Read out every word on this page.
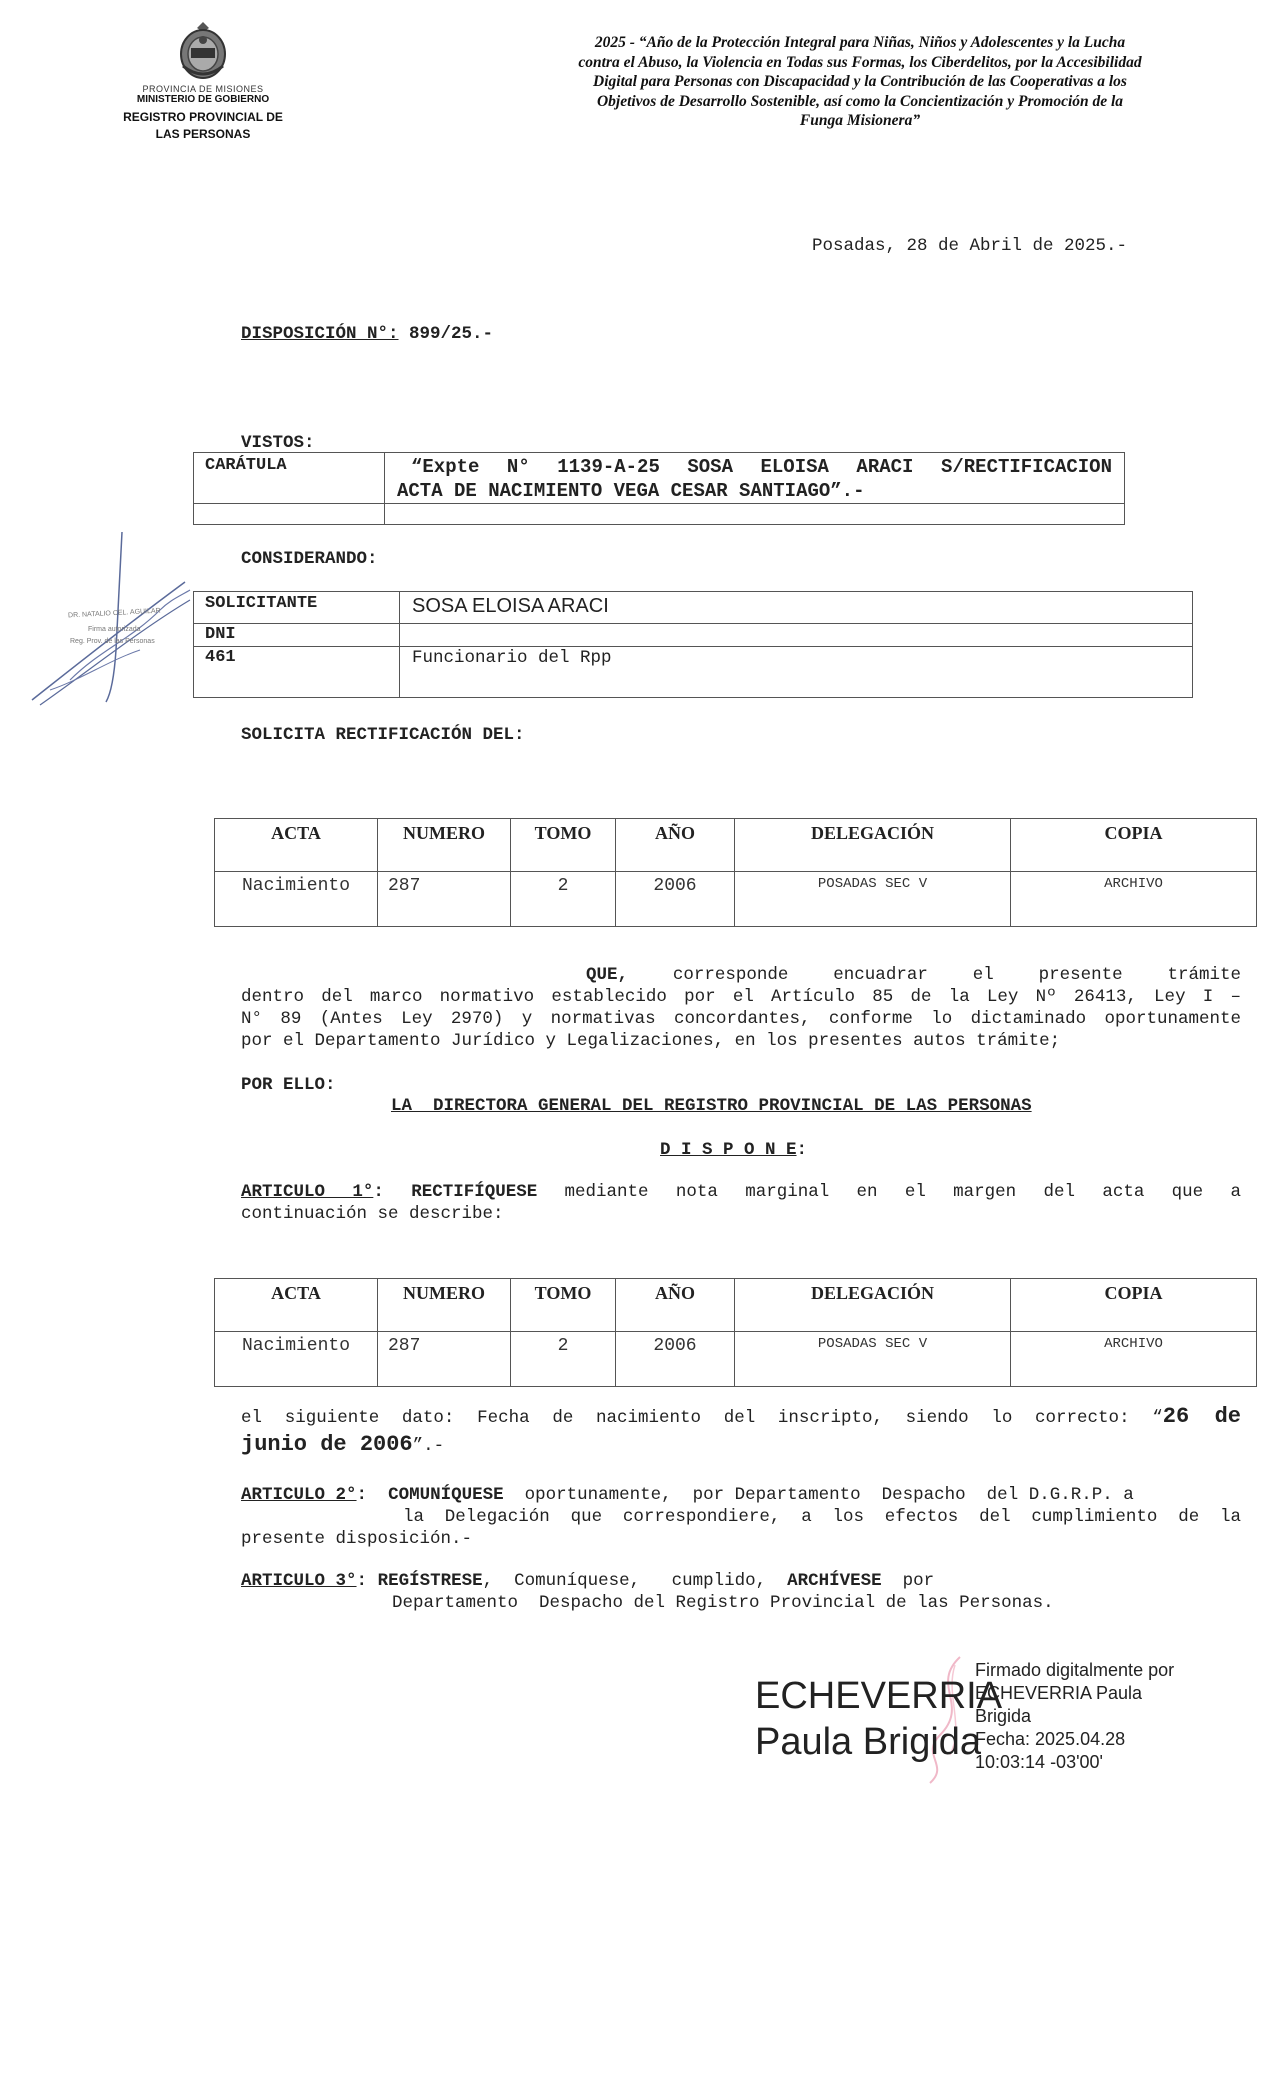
PROVINCIA DE MISIONES
MINISTERIO DE GOBIERNO
REGISTRO PROVINCIAL DE
LAS PERSONAS
2025 - “Año de la Protección Integral para Niñas, Niños y Adolescentes y la Lucha
contra el Abuso, la Violencia en Todas sus Formas, los Ciberdelitos, por la Accesibilidad
Digital para Personas con Discapacidad y la Contribución de las Cooperativas a los
Objetivos de Desarrollo Sostenible, así como la Concientización y Promoción de la
Funga Misionera”
Posadas, 28 de Abril de 2025.-
DISPOSICIÓN N°: 899/25.-
VISTOS:
CARÁTULA	“Expte N° 1139-A-25 SOSA ELOISA ARACI S/RECTIFICACION
ACTA DE NACIMIENTO VEGA CESAR SANTIAGO”.-

CONSIDERANDO:
DR. NATALIO CEL. AGUILAR
Firma autorizada
Reg. Prov. de las Personas
SOLICITANTE	SOSA ELOISA ARACI

DNI	

461	Funcionario del Rpp
SOLICITA RECTIFICACIÓN DEL:
ACTA	NUMERO	TOMO	AÑO	DELEGACIÓN	COPIA
Nacimiento	287	2	2006	POSADAS SEC V	ARCHIVO
QUE,	corresponde encuadrar el presente trámite
dentro del marco normativo establecido por el Artículo 85 de la Ley Nº 26413, Ley I –
N° 89 (Antes Ley 2970) y normativas concordantes, conforme lo dictaminado oportunamente
por el Departamento Jurídico y Legalizaciones, en los presentes autos trámite;
POR ELLO:
LA  DIRECTORA GENERAL DEL REGISTRO PROVINCIAL DE LAS PERSONAS
D I S P O N E:
ARTICULO 1°: RECTIFÍQUESE mediante nota marginal en el margen del acta que a
continuación se describe:
ACTA	NUMERO	TOMO	AÑO	DELEGACIÓN	COPIA
Nacimiento	287	2	2006	POSADAS SEC V	ARCHIVO
el siguiente dato: Fecha de nacimiento del inscripto, siendo lo correcto: “26 de
junio de 2006”.-
ARTICULO 2°: COMUNÍQUESE oportunamente,  por Departamento  Despacho  del D.G.R.P. a
la Delegación que correspondiere, a los efectos del cumplimiento de la
presente disposición.-
ARTICULO 3°: REGÍSTRESE,  Comuníquese,   cumplido,  ARCHÍVESE  por
Departamento  Despacho del Registro Provincial de las Personas.
ECHEVERRIA
Paula Brigida
Firmado digitalmente por
ECHEVERRIA Paula
Brigida
Fecha: 2025.04.28
10:03:14 -03'00'
